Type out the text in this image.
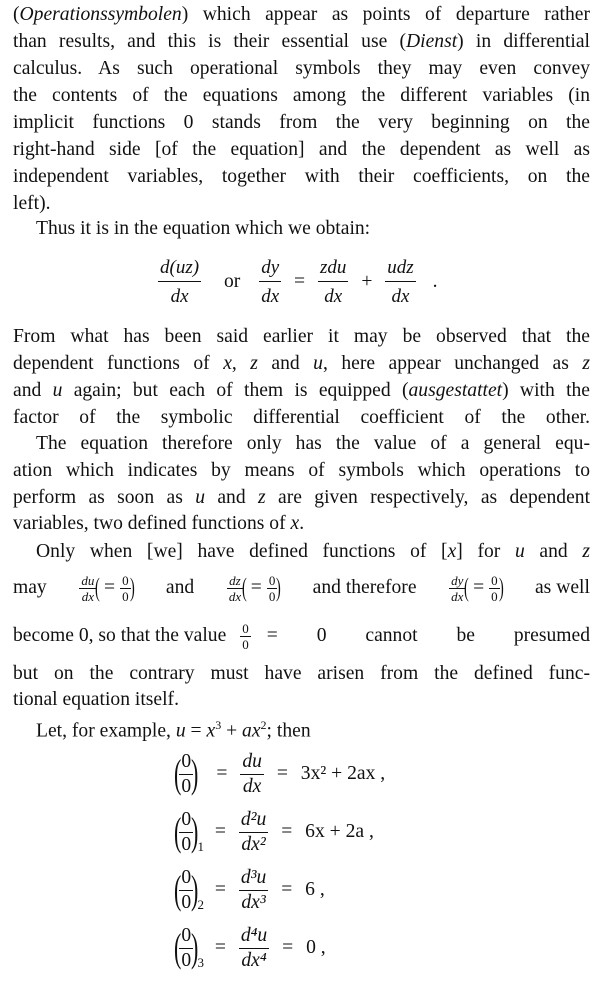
(Operationssymbolen) which appear as points of departure rather
than results, and this is their essential use (Dienst) in differential
calculus. As such operational symbols they may even convey
the contents of the equations among the different variables (in
implicit functions 0 stands from the very beginning on the
right-hand side [of the equation] and the dependent as well as
independent variables, together with their coefficients, on the
left).
Thus it is in the equation which we obtain:
$\frac{d(uz)}{dx}$ or $\frac{dy}{dx} = \frac{\text{zdu}}{dx} + \frac{\text{udz}}{dx}$ .
From what has been said earlier it may be observed that the
dependent functions of x, z and u, here appear unchanged as z
and u again; but each of them is equipped (ausgestattet) with the
factor of the symbolic differential coefficient of the other.
The equation therefore only has the value of a general equ-
ation which indicates by means of symbols which operations to
perform as soon as u and z are given respectively, as dependent
variables, two defined functions of x.
Only when [we] have defined functions of [x] for u and z
may	$\frac{du}{dx}$
( = $\frac{0}{0}$
) and	$\frac{dz}{dx}$
( = $\frac{0}{0}$
) and therefore	$\frac{dy}{dx}$
( = $\frac{0}{0}$
) as well
become 0, so that the value $\frac{0}{0} = 0$ cannot be presumed
but on the contrary must have arisen from the defined func-
tional equation itself.
Let, for example, $u = x^3 + ax^2$; then
(
$\frac{0}{0}$
) = $\frac{du}{dx} = 3x^2 + 2ax$ ,
(
$\frac{0}{0}$
)$1 = \frac{\text{d²u}}{\text{dx²}} = 6x + 2a$ ,
(
$\frac{0}{0}$
)$2 = \frac{\text{d³u}}{\text{dx³}} = 6$ ,
(
$\frac{0}{0}$
)$3 = \frac{\text{d⁴u}}{\text{dx⁴}} = 0$ ,
